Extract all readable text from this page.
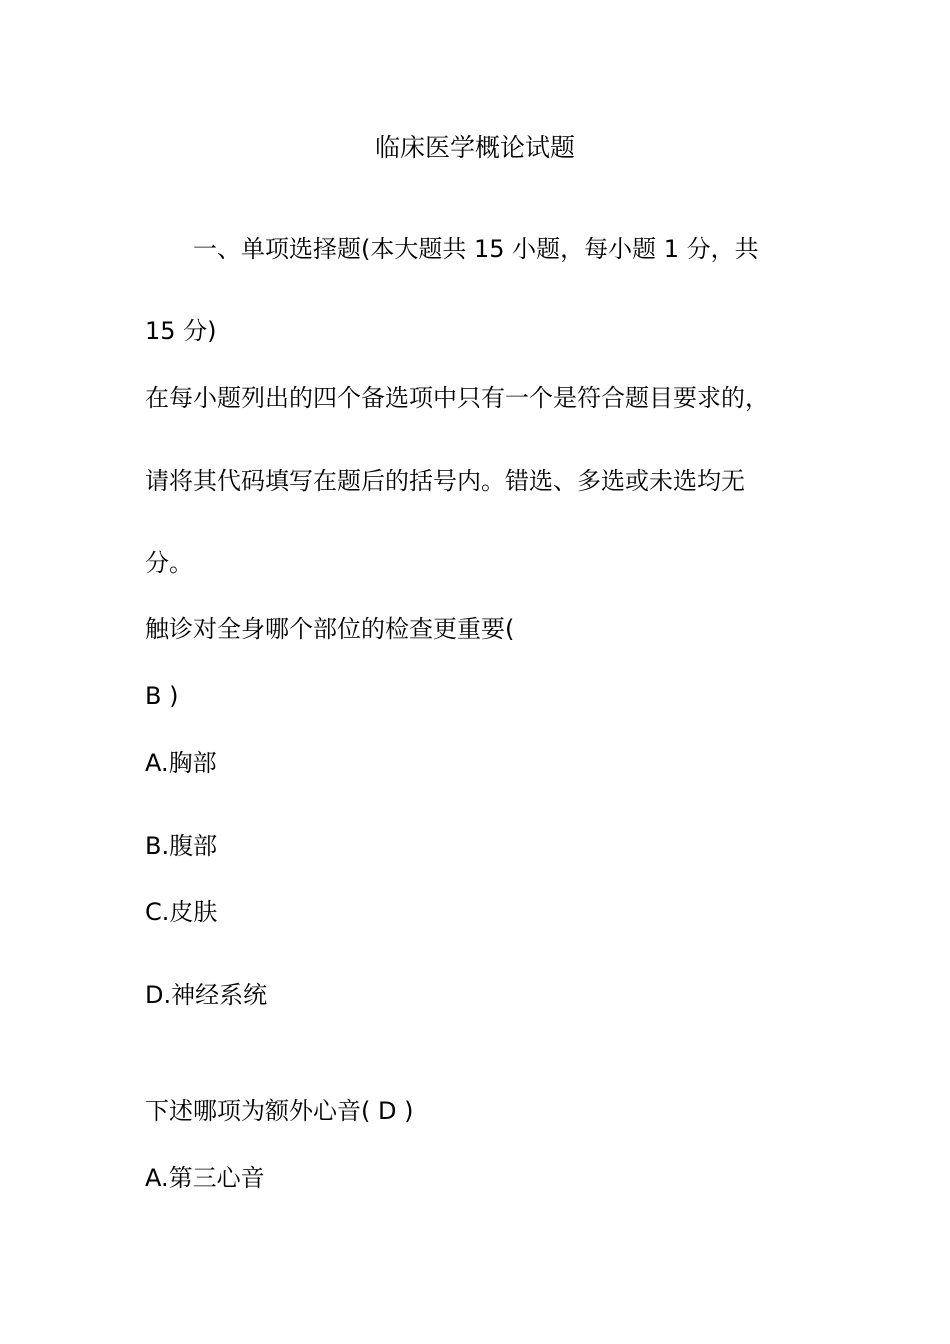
临床医学概论试题
一、单项选择题(本大题共 15 小题，每小题 1 分，共
15 分)
在每小题列出的四个备选项中只有一个是符合题目要求的，
请将其代码填写在题后的括号内。错选、多选或未选均无
分。
触诊对全身哪个部位的检查更重要(
B )
A.胸部
B.腹部
C.皮肤
D.神经系统
下述哪项为额外心音( D )
A.第三心音
